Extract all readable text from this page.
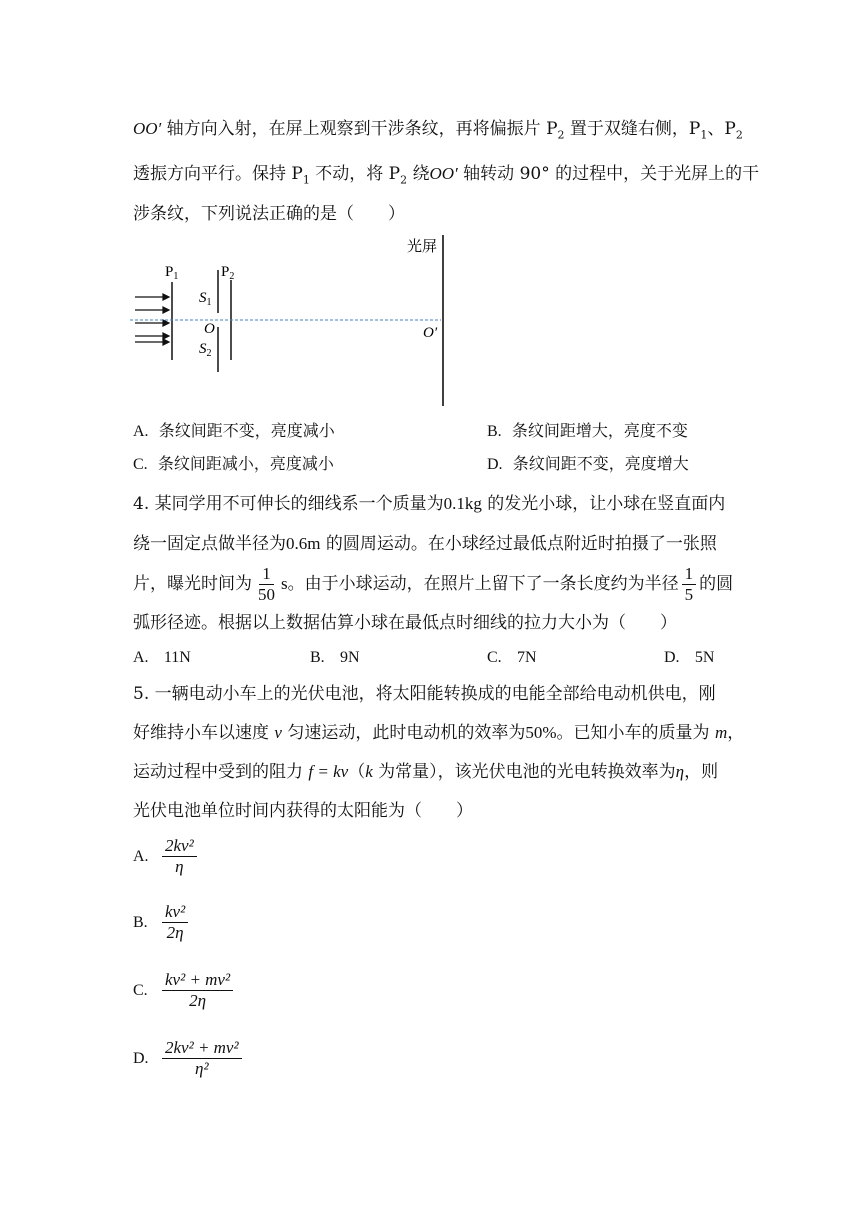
OO′ 轴方向入射，在屏上观察到干涉条纹，再将偏振片 $P_2$ 置于双缝右侧，$P_1$、$P_2$
透振方向平行。保持 $P_1$ 不动，将 $P_2$ 绕OO′ 轴转动 90° 的过程中，关于光屏上的干
涉条纹，下列说法正确的是（　　）
$P_1$	$P_2$
$S_1$
O
$S_2$
光屏
O′
A. 条纹间距不变，亮度减小	B. 条纹间距增大，亮度不变
C. 条纹间距减小，亮度减小	D. 条纹间距不变，亮度增大
4. 某同学用不可伸长的细线系一个质量为0.1kg 的发光小球，让小球在竖直面内
绕一固定点做半径为0.6m 的圆周运动。在小球经过最低点附近时拍摄了一张照
片，曝光时间为 $\frac{1}{50}$ s。由于小球运动，在照片上留下了一条长度约为半径 $\frac{1}{5}$ 的圆
弧形径迹。根据以上数据估算小球在最低点时细线的拉力大小为（　　）
A. 11N	B. 9N	C. 7N	D. 5N
5. 一辆电动小车上的光伏电池，将太阳能转换成的电能全部给电动机供电，刚
好维持小车以速度 v 匀速运动，此时电动机的效率为50%。已知小车的质量为 m，
运动过程中受到的阻力 f = kv（k 为常量），该光伏电池的光电转换效率为η，则
光伏电池单位时间内获得的太阳能为（　　）
A. $\frac{\text{2kv²}}{\eta}$
B. $\frac{\text{kv²}}{2\eta}$
C. $\frac{\text{kv² + mv²}}{2\eta}$
D. $\frac{\text{2kv² + mv²}}{\text{η²}}$
